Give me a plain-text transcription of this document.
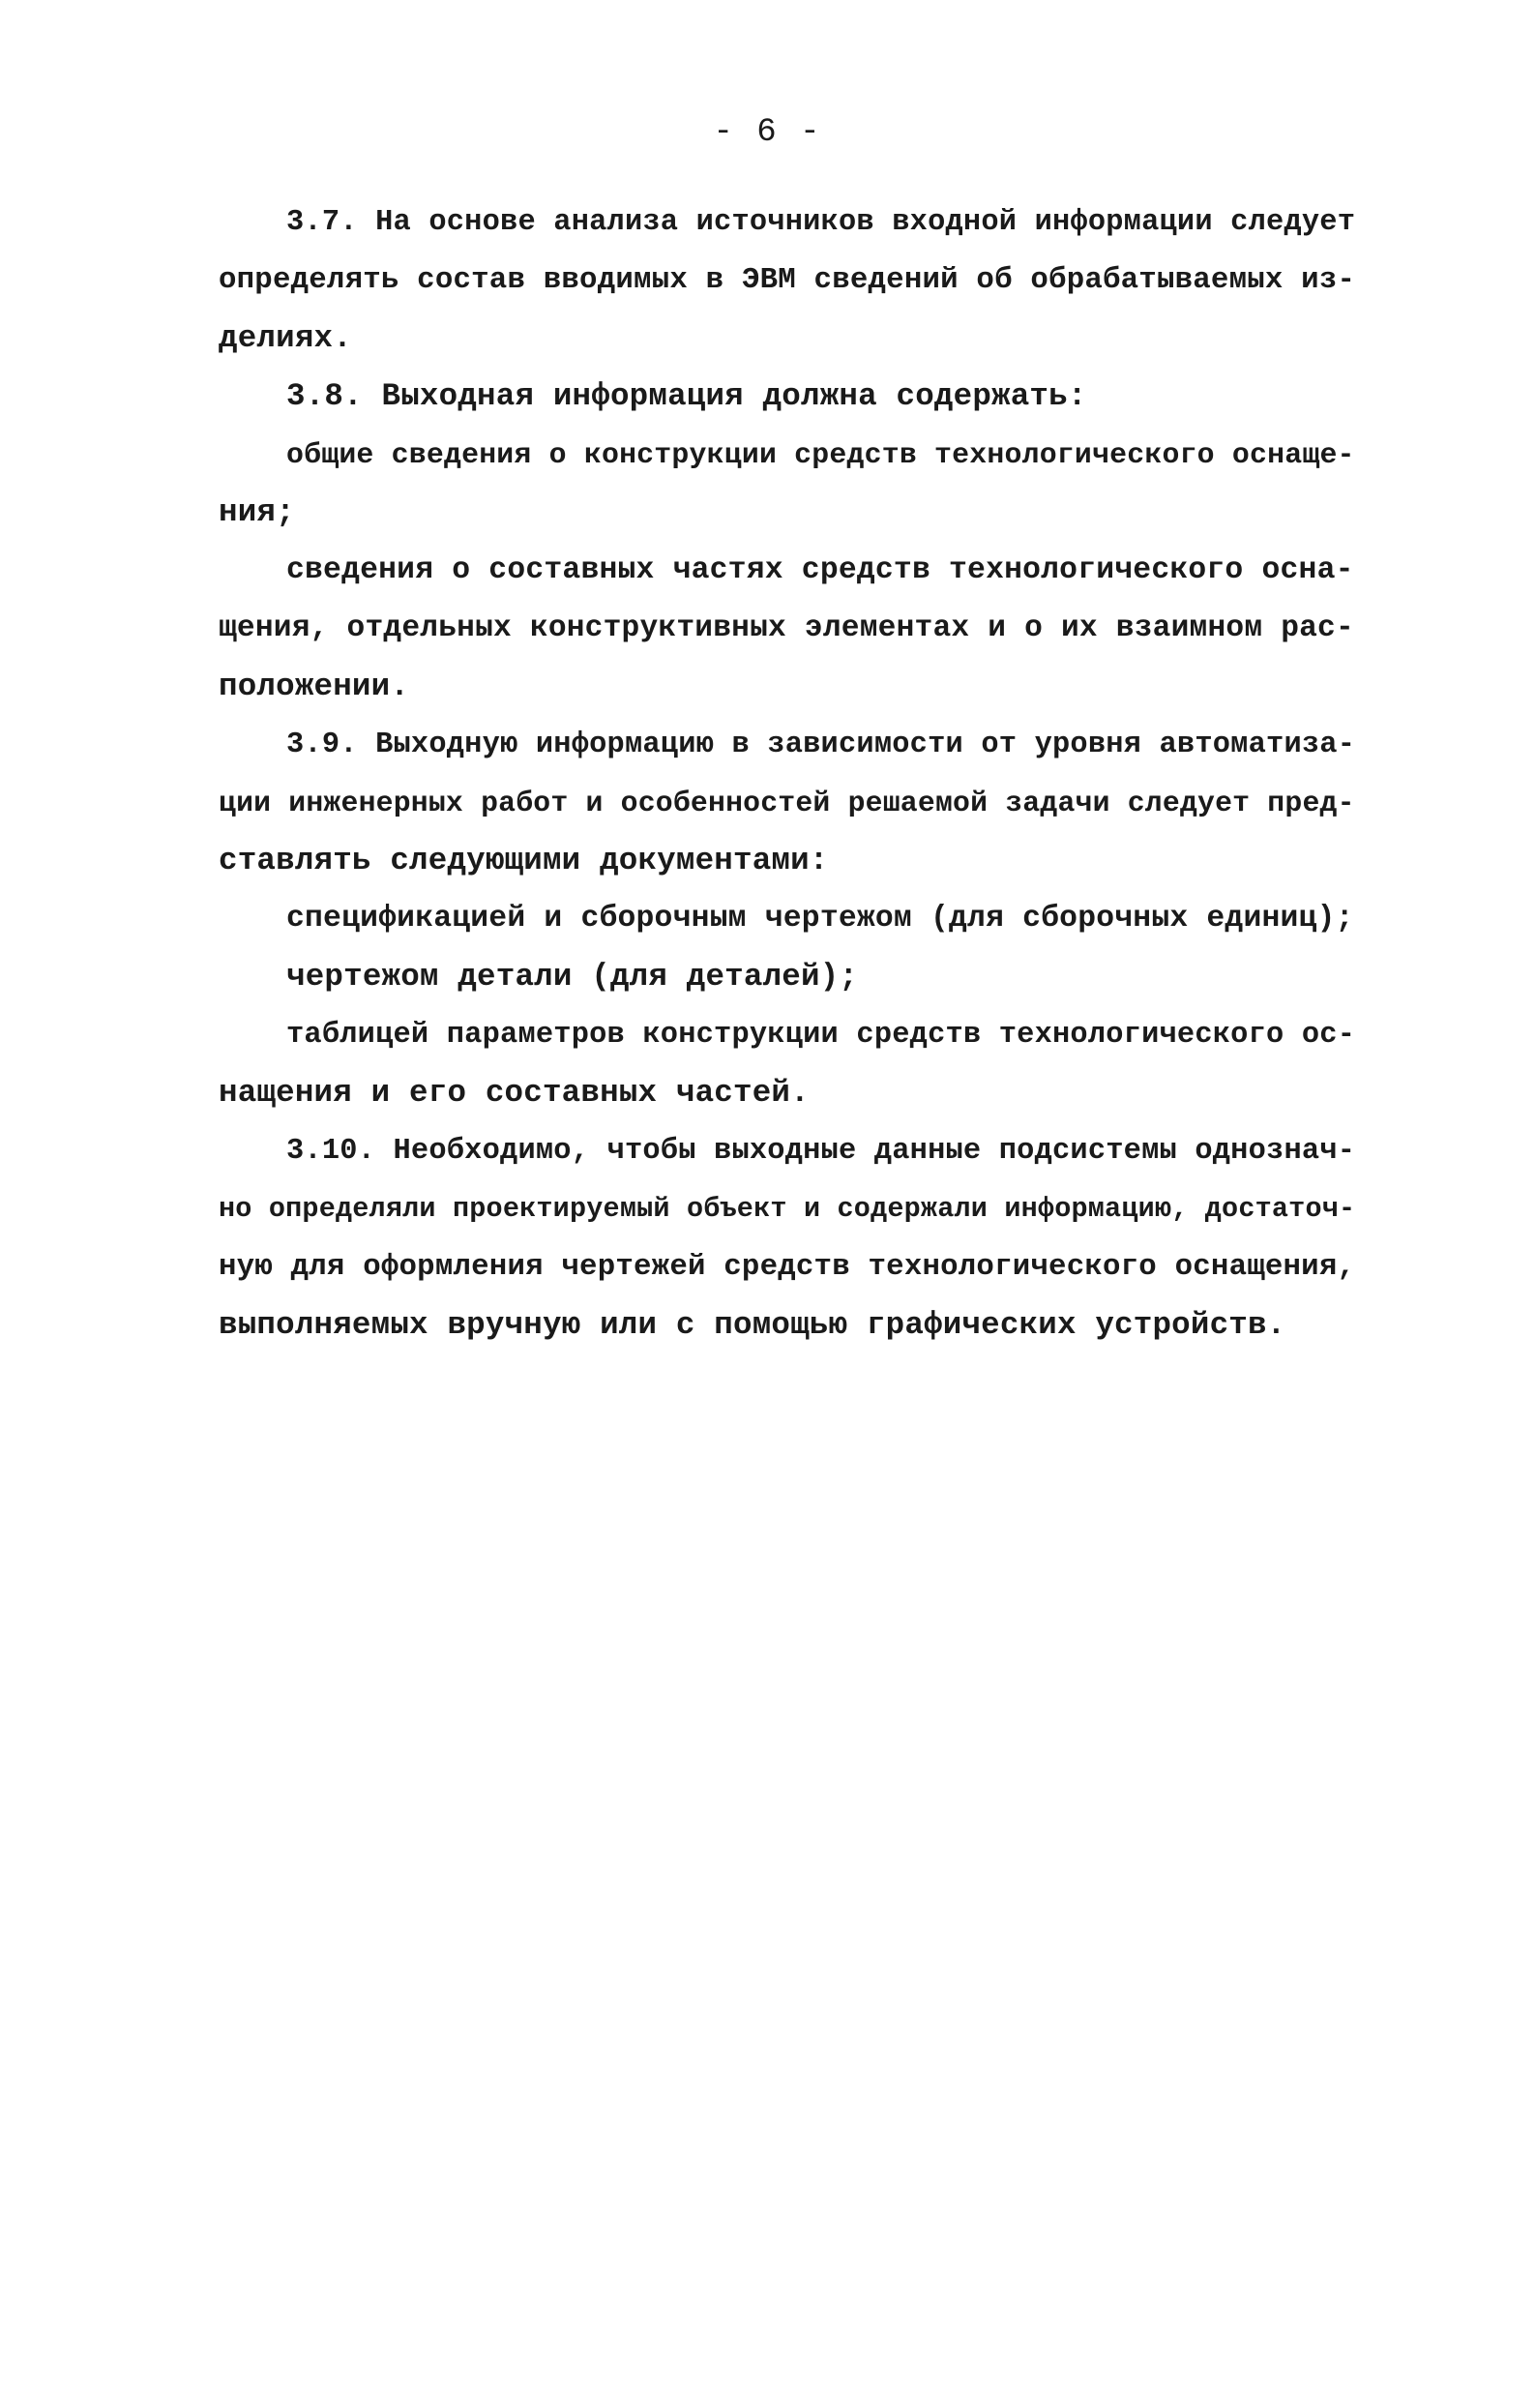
- 6 -
3.7. На основе анализа источников входной информации следует
определять состав вводимых в ЭВМ сведений об обрабатываемых из-
делиях.
3.8. Выходная информация должна содержать:
общие сведения о конструкции средств технологического оснаще-
ния;
сведения о составных частях средств технологического осна-
щения, отдельных конструктивных элементах и о их взаимном рас-
положении.
3.9. Выходную информацию в зависимости от уровня автоматиза-
ции инженерных работ и особенностей решаемой задачи следует пред-
ставлять следующими документами:
спецификацией и сборочным чертежом (для сборочных единиц);
чертежом детали (для деталей);
таблицей параметров конструкции средств технологического ос-
нащения и его составных частей.
3.10. Необходимо, чтобы выходные данные подсистемы однознач-
но определяли проектируемый объект и содержали информацию, достаточ-
ную для оформления чертежей средств технологического оснащения,
выполняемых вручную или с помощью графических устройств.
